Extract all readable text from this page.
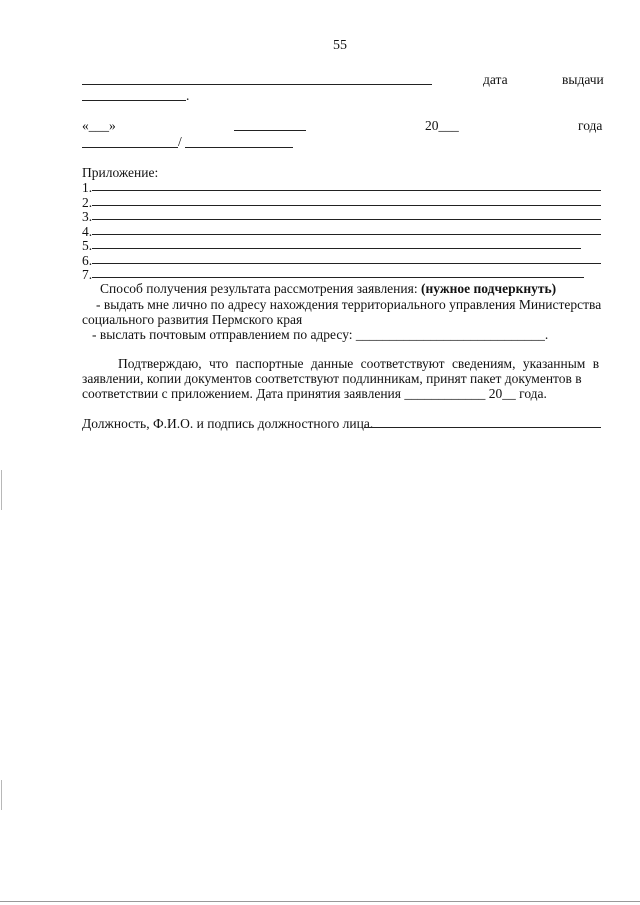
55
дата	выдачи
.
«___»	20___	года
/
Приложение:
1.
2.
3.
4.
5.
6.
7.
Способ получения результата рассмотрения заявления: (нужное подчеркнуть)
- выдать мне лично по адресу нахождения территориального управления Министерства
социального развития Пермского края
- выслать почтовым отправлением по адресу: ____________________________.
Подтверждаю, что паспортные данные соответствуют сведениям, указанным в
заявлении, копии документов соответствуют подлинникам, принят пакет документов в
соответствии с приложением. Дата принятия заявления ____________ 20__ года.
Должность, Ф.И.О. и подпись должностного лица.
